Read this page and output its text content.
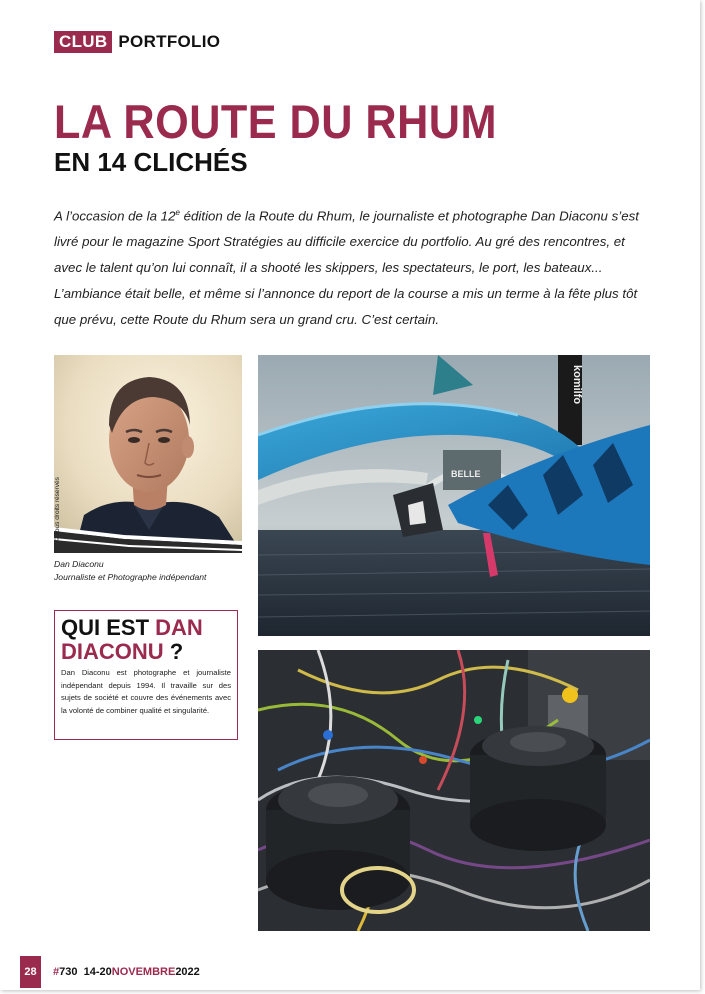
CLUB PORTFOLIO
LA ROUTE DU RHUM
EN 14 CLICHÉS
A l’occasion de la 12e édition de la Route du Rhum, le journaliste et photographe Dan Diaconu s’est livré pour le magazine Sport Stratégies au difficile exercice du portfolio. Au gré des rencontres, et avec le talent qu’on lui connaît, il a shooté les skippers, les spectateurs, le port, les bateaux... L’ambiance était belle, et même si l’annonce du report de la course a mis un terme à la fête plus tôt que prévu, cette Route du Rhum sera un grand cru. C’est certain.
© Tous droits réservés
Dan Diaconu
Journaliste et Photographe indépendant
QUI EST DAN DIACONU ?

Dan Diaconu est photographe et journaliste indépendant depuis 1994. Il travaille sur des sujets de société et couvre des événements avec la volonté de combiner qualité et singularité.

BELLE
komilfo
28	#730 14-20NOVEMBRE2022
